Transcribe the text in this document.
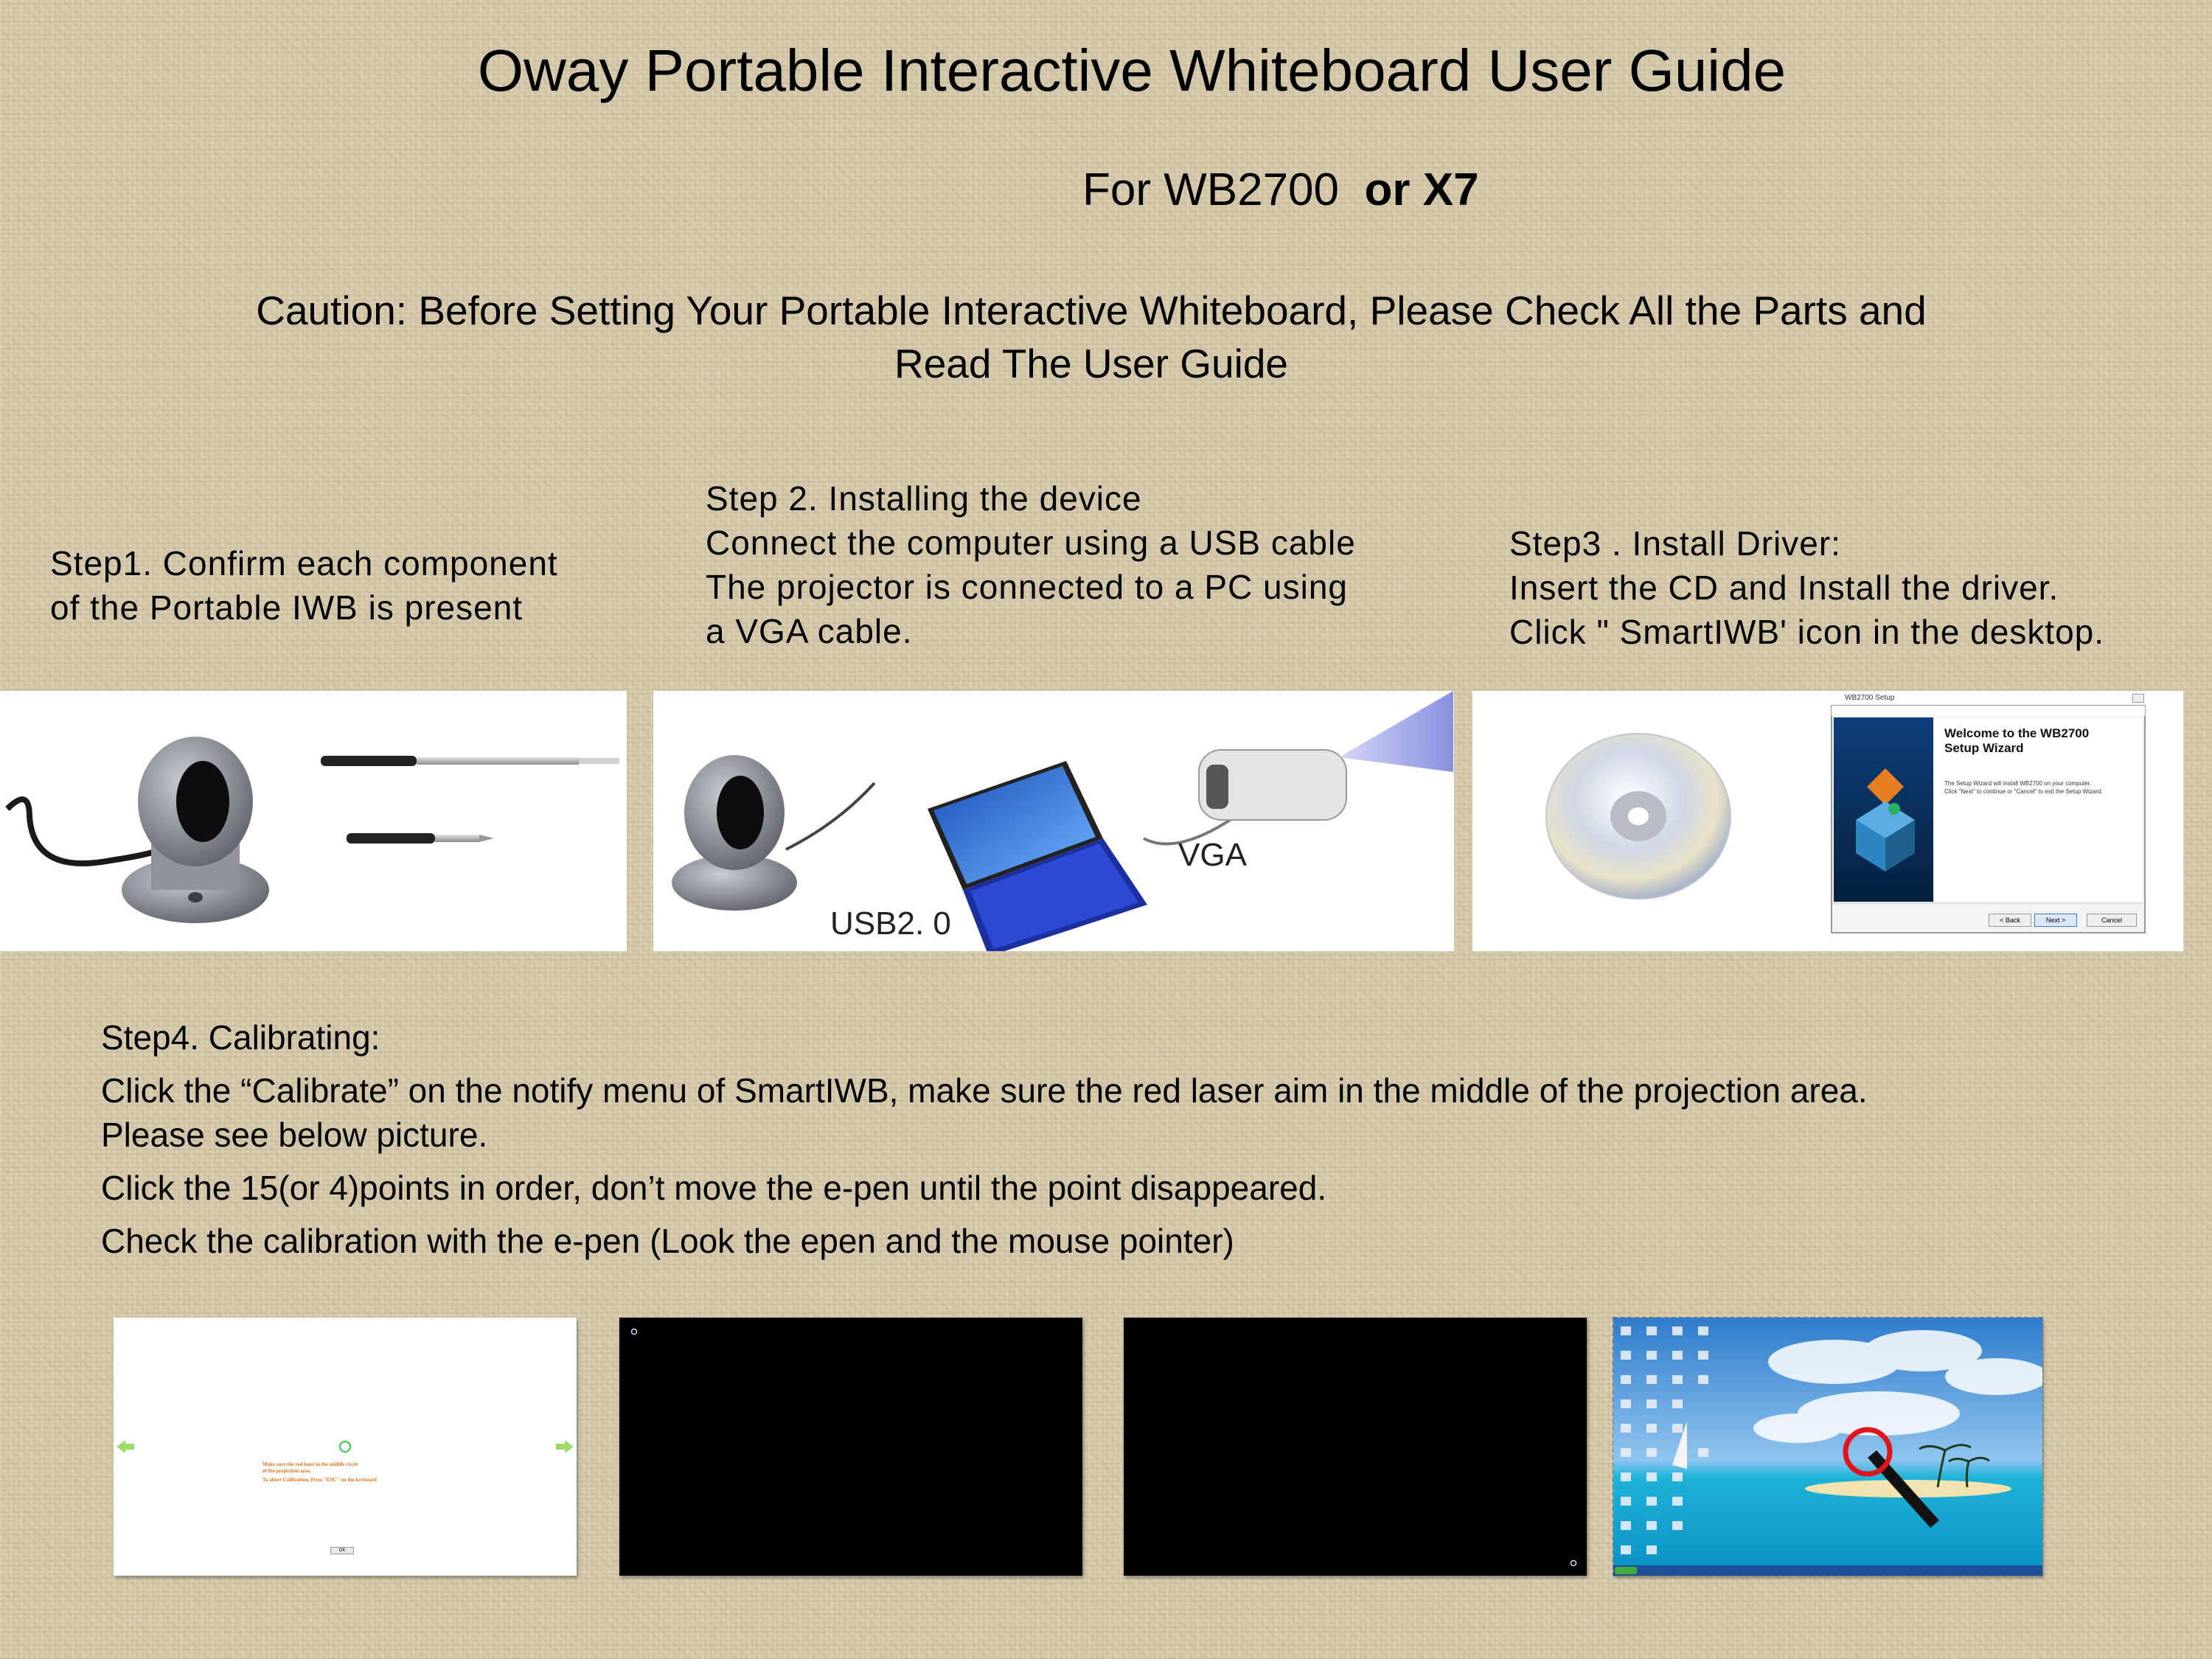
Oway Portable Interactive Whiteboard User Guide
For WB2700  or X7
Caution: Before Setting Your Portable Interactive Whiteboard, Please Check All the Parts and
Read The User Guide
Step1. Confirm each component
of the Portable IWB is present
Step 2. Installing the device
Connect the computer using a USB cable
The projector is connected to a PC using
a VGA cable.
Step3 . Install Driver:
Insert the CD and Install the driver.
Click " SmartIWB' icon in the desktop.
USB2. 0
VGA
WB2700 Setup
Welcome to the WB2700
Setup Wizard
The Setup Wizard will install WB2700 on your computer.
Click "Next" to continue or "Cancel" to exit the Setup Wizard.
< Back	Next >	Cancel
Step4. Calibrating:
Click the “Calibrate” on the notify menu of SmartIWB, make sure the red laser aim in the middle of the projection area.
Please see below picture.
Click the 15(or 4)points in order, don’t move the e-pen until the point disappeared.
Check the calibration with the e-pen (Look the epen and the mouse pointer)
Make sure the red laser in the middle circle
of the projection area.
To abort Calibration, Press "ESC" on the keyboard
OK
